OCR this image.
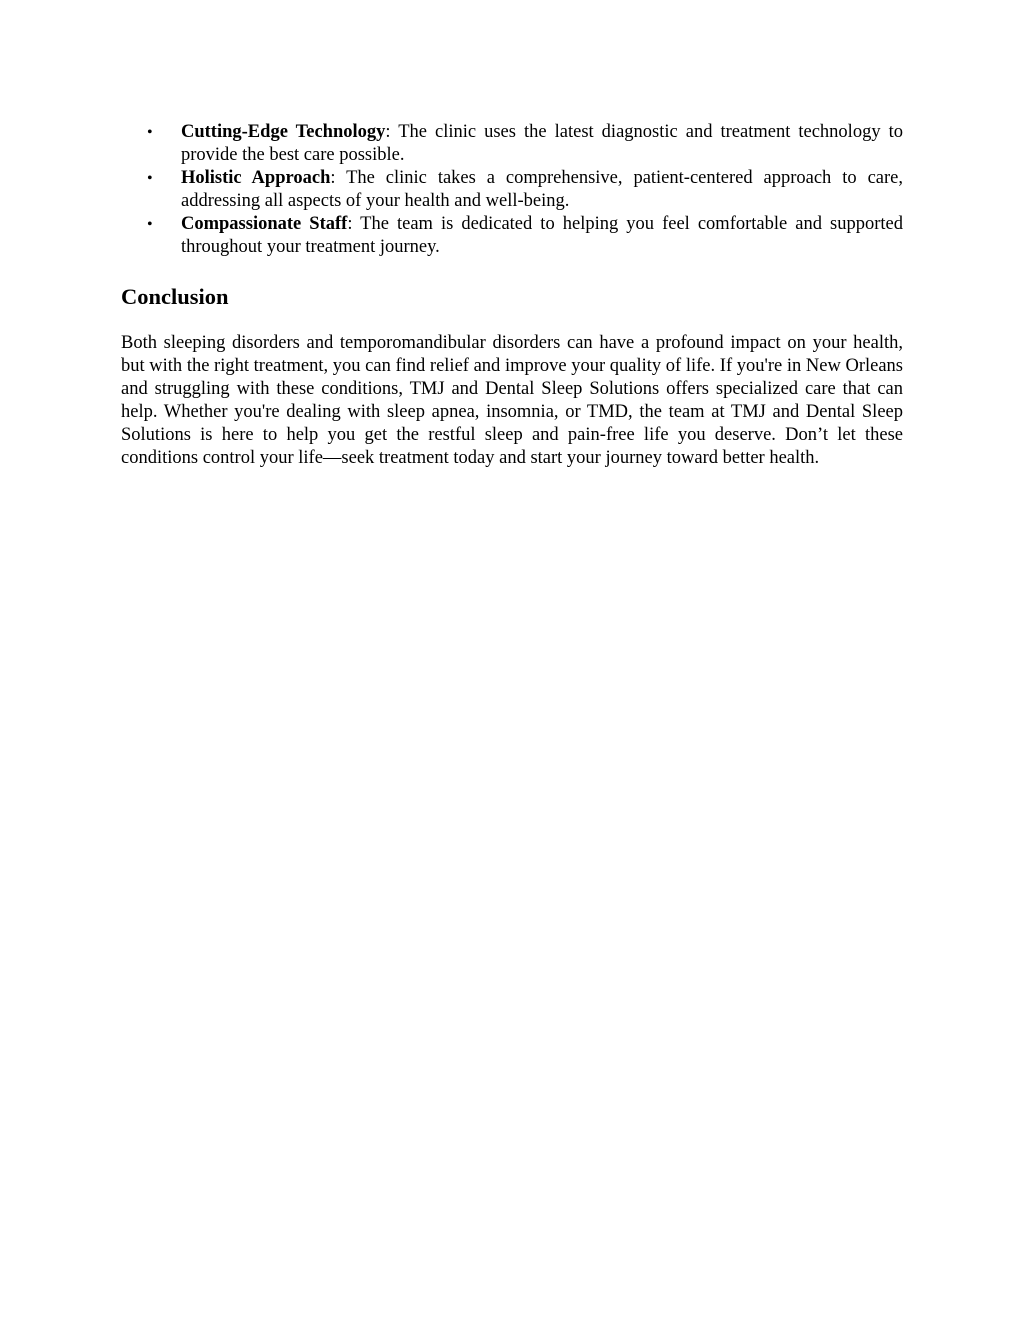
• Cutting-Edge Technology: The clinic uses the latest diagnostic and treatment technology to provide the best care possible.
• Holistic Approach: The clinic takes a comprehensive, patient-centered approach to care, addressing all aspects of your health and well-being.
• Compassionate Staff: The team is dedicated to helping you feel comfortable and supported throughout your treatment journey.
Conclusion

Both sleeping disorders and temporomandibular disorders can have a profound impact on your health, but with the right treatment, you can find relief and improve your quality of life. If you're in New Orleans and struggling with these conditions, TMJ and Dental Sleep Solutions offers specialized care that can help. Whether you're dealing with sleep apnea, insomnia, or TMD, the team at TMJ and Dental Sleep Solutions is here to help you get the restful sleep and pain-free life you deserve. Don’t let these conditions control your life—seek treatment today and start your journey toward better health.
